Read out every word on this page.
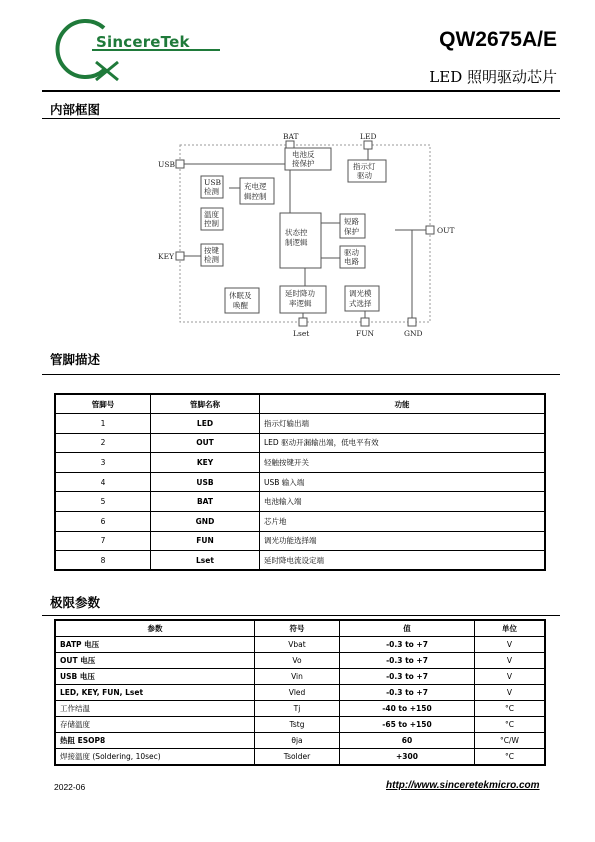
SincereTek	QW2675A/E
LED 照明驱动芯片
内部框图
BAT	LED
USB
KEY
OUT
Lset	FUN	GND
电池反
接保护	指示灯
驱动
USB
检测
充电逻
辑控制
温度
控制
状态控
制逻辑
短路
保护
驱动
电路
按键
检测
休眠及
唤醒
延时降功
率逻辑
调光模
式选择
管脚描述
管脚号	管脚名称	功能
1	LED	指示灯输出端
2	OUT	LED 驱动开漏输出端，低电平有效
3	KEY	轻触按键开关
4	USB	USB 输入端
5	BAT	电池输入端
6	GND	芯片地
7	FUN	调光功能选择端
8	Lset	延时降电流设定端
极限参数
参数	符号	值	单位
BATP 电压	Vbat	-0.3 to +7	V
OUT 电压	Vo	-0.3 to +7	V
USB 电压	Vin	-0.3 to +7	V
LED, KEY, FUN, Lset	Vled	-0.3 to +7	V
工作结温	Tj	-40 to +150	°C
存储温度	Tstg	-65 to +150	°C
热阻 ESOP8	θja	60	°C/W
焊接温度 (Soldering, 10sec)	Tsolder	+300	°C
2022-06	http://www.sinceretekmicro.com
